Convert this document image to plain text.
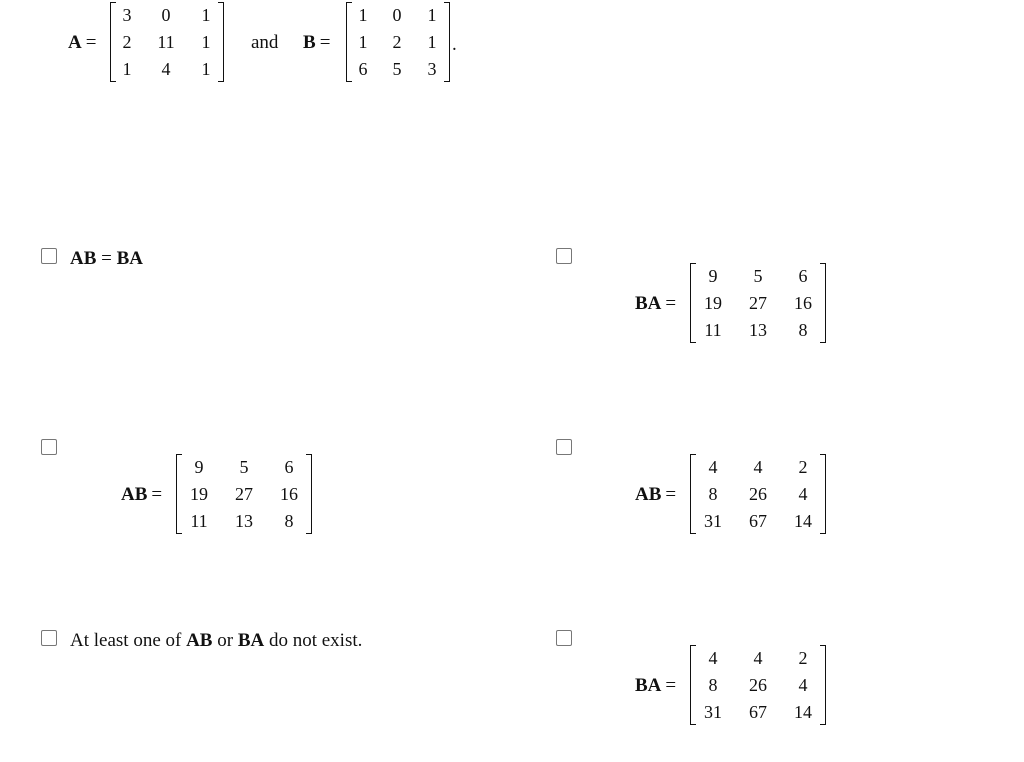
A =
3	0	1
2	11	1
1	4	1
and B =
1	0	1
1	2	1
6	5	3
.
AB = BA
BA =
9	5	6
19	27	16
11	13	8
AB =
9	5	6
19	27	16
11	13	8
AB =
4	4	2
8	26	4
31	67	14
At least one of AB or BA do not exist.
BA =
4	4	2
8	26	4
31	67	14
